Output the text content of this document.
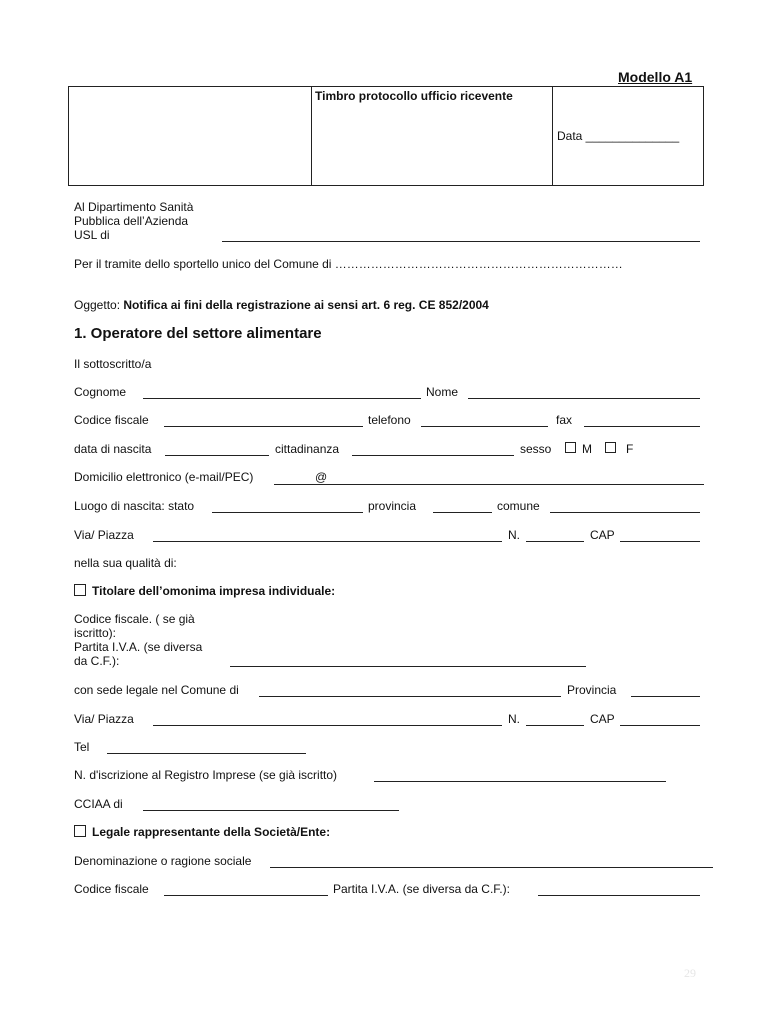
Modello A1

Timbro protocollo ufficio ricevente

Data ______________
Al Dipartimento Sanità
Pubblica dell’Azienda
USL di
Per il tramite dello sportello unico del Comune di ………………………………………………………………
Oggetto: Notifica ai fini della registrazione ai sensi art. 6 reg. CE 852/2004
1. Operatore del settore alimentare
Il sottoscritto/a
Cognome	Nome
Codice fiscale	telefono	fax
data di nascita	cittadinanza	sesso	M	F
Domicilio elettronico (e-mail/PEC)	@
Luogo di nascita: stato	provincia	comune
Via/ Piazza	N.	CAP
nella sua qualità di:
Titolare dell’omonima impresa individuale:
Codice fiscale. ( se già
iscritto):
Partita I.V.A. (se diversa
da C.F.):
con sede legale nel Comune di	Provincia
Via/ Piazza	N.	CAP
Tel
N. d'iscrizione al Registro Imprese (se già iscritto)
CCIAA di
Legale rappresentante della Società/Ente:
Denominazione o ragione sociale
Codice fiscale	Partita I.V.A. (se diversa da C.F.):
29
